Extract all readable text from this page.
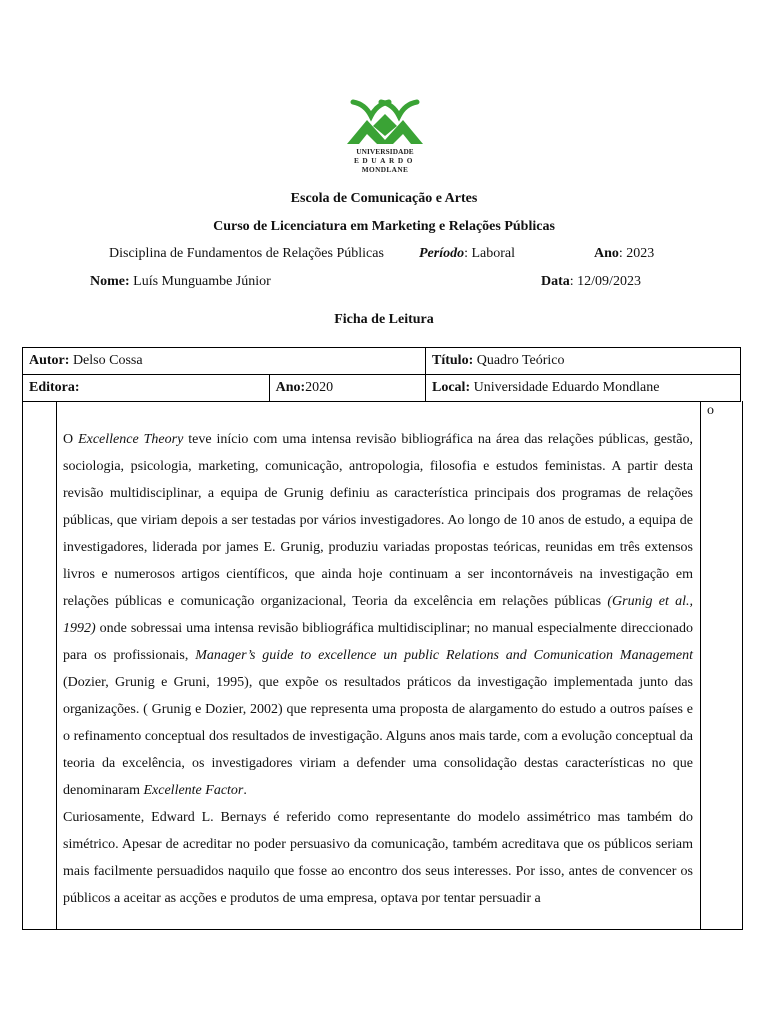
UNIVERSIDADE
EDUARDO
MONDLANE
Escola de Comunicação e Artes
Curso de Licenciatura em Marketing e Relações Públicas
Disciplina de Fundamentos de Relações Públicas	Período: Laboral	Ano: 2023
Nome: Luís Munguambe Júnior	Data: 12/09/2023
Ficha de Leitura
Autor: Delso Cossa		Título: Quadro Teórico
Editora:	Ano:2020	Local: Universidade Eduardo Mondlane
o

O Excellence Theory teve início com uma intensa revisão bibliográfica na área das relações públicas, gestão, sociologia, psicologia, marketing, comunicação, antropologia, filosofia e estudos feministas. A partir desta revisão multidisciplinar, a equipa de Grunig definiu as característica principais dos programas de relações públicas, que viriam depois a ser testadas por vários investigadores. Ao longo de 10 anos de estudo, a equipa de investigadores, liderada por james E. Grunig, produziu variadas propostas teóricas, reunidas em três extensos livros e numerosos artigos científicos, que ainda hoje continuam a ser incontornáveis na investigação em relações públicas e comunicação organizacional, Teoria da excelência em relações públicas (Grunig et al., 1992) onde sobressai uma intensa revisão bibliográfica multidisciplinar; no manual especialmente direccionado para os profissionais, Manager’s guide to excellence un public Relations and Comunication Management (Dozier, Grunig e Gruni, 1995), que expõe os resultados práticos da investigação implementada junto das organizações. ( Grunig e Dozier, 2002) que representa uma proposta de alargamento do estudo a outros países e o refinamento conceptual dos resultados de investigação. Alguns anos mais tarde, com a evolução conceptual da teoria da excelência, os investigadores viriam a defender uma consolidação destas características no que denominaram Excellente Factor.

Curiosamente, Edward L. Bernays é referido como representante do modelo assimétrico mas também do simétrico. Apesar de acreditar no poder persuasivo da comunicação, também acreditava que os públicos seriam mais facilmente persuadidos naquilo que fosse ao encontro dos seus interesses. Por isso, antes de convencer os públicos a aceitar as acções e produtos de uma empresa, optava por tentar persuadir a
